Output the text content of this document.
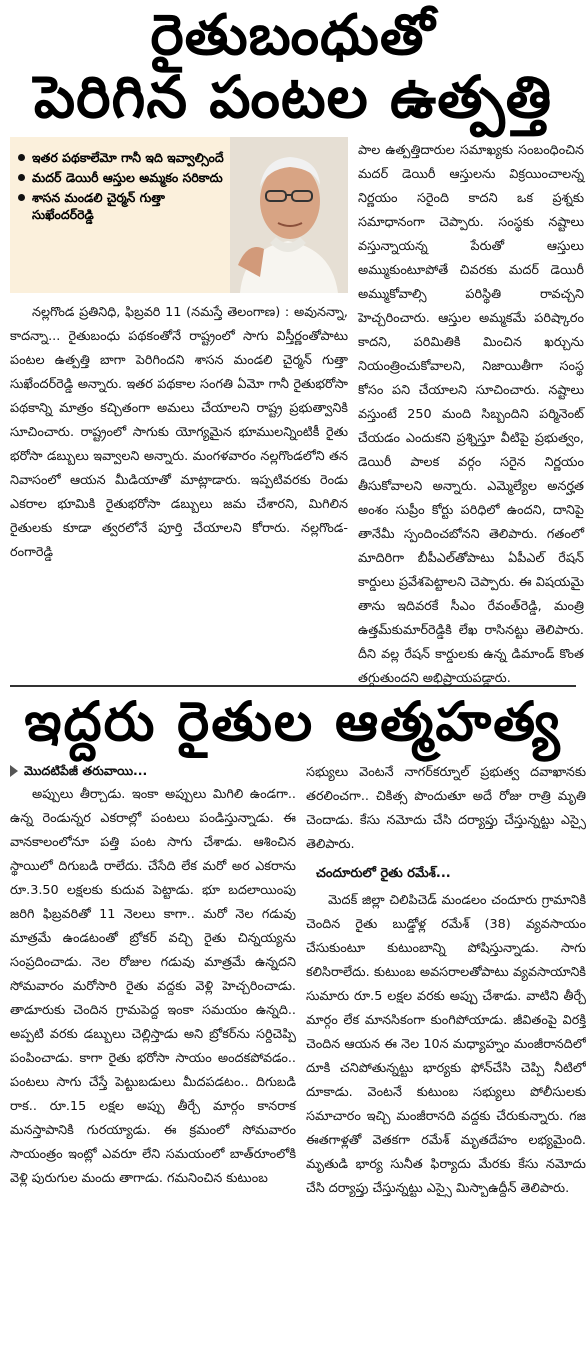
రైతుబంధుతో
పెరిగిన పంటల ఉత్పత్తి
ఇతర పథకాలేమో గానీ ఇది ఇవ్వాల్సిందే
మదర్‌ డెయిరీ ఆస్తుల అమ్మకం సరికాదు
శాసన మండలి చైర్మన్‌ గుత్తా సుఖేందర్‌రెడ్డి

నల్లగొండ ప్రతినిధి, ఫిబ్రవరి 11 (నమస్తే తెలంగాణ) : అవునన్నా, కాదన్నా... రైతుబంధు పథకంతోనే రాష్ట్రంలో సాగు విస్తీర్ణంతోపాటు పంటల ఉత్పత్తి బాగా పెరిగిందని శాసన మండలి చైర్మన్‌ గుత్తా సుఖేందర్‌రెడ్డి అన్నారు. ఇతర పథకాల సంగతి ఏమో గానీ రైతుభరోసా పథకాన్ని మాత్రం కచ్చితంగా అమలు చేయాలని రాష్ట్ర ప్రభుత్వానికి సూచించారు. రాష్ట్రంలో సాగుకు యోగ్యమైన భూములన్నింటికీ రైతు భరోసా డబ్బులు ఇవ్వాలని అన్నారు. మంగళవారం నల్లగొండలోని తన నివాసంలో ఆయన మీడియాతో మాట్లాడారు. ఇప్పటివరకు రెండు ఎకరాల భూమికి రైతుభరోసా డబ్బులు జమ చేశారని, మిగిలిన రైతులకు కూడా త్వరలోనే పూర్తి చేయాలని కోరారు. నల్లగొండ-రంగారెడ్డి

పాల ఉత్పత్తిదారుల సమాఖ్యకు సంబంధించిన మదర్‌ డెయిరీ ఆస్తులను విక్రయించాలన్న నిర్ణయం సరైంది కాదని ఒక ప్రశ్నకు సమాధానంగా చెప్పారు. సంస్థకు నష్టాలు వస్తున్నాయన్న పేరుతో ఆస్తులు అమ్ముకుంటూపోతే చివరకు మదర్‌ డెయిరీ అమ్ముకోవాల్సి పరిస్థితి రావచ్చని హెచ్చరించారు. ఆస్తుల అమ్మకమే పరిష్కారం కాదని, పరిమితికి మించిన ఖర్చును నియంత్రించుకోవాలని, నిజాయితీగా సంస్థ కోసం పని చేయాలని సూచించారు. నష్టాలు వస్తుంటే 250 మంది సిబ్బందిని పర్మినెంట్‌ చేయడం ఎందుకని ప్రశ్నిస్తూ వీటిపై ప్రభుత్వం, డెయిరీ పాలక వర్గం సరైన నిర్ణయం తీసుకోవాలని అన్నారు. ఎమ్మెల్యేల అనర్హత అంశం సుప్రీం కోర్టు పరిధిలో ఉందని, దానిపై తానేమీ స్పందించబోనని తెలిపారు. గతంలో మాదిరిగా బీపీఎల్‌తోపాటు ఏపీఎల్‌ రేషన్‌ కార్డులు ప్రవేశపెట్టాలని చెప్పారు. ఈ విషయమై తాను ఇదివరకే సీఎం రేవంత్‌రెడ్డి, మంత్రి ఉత్తమ్‌కుమార్‌రెడ్డికి లేఖ రాసినట్టు తెలిపారు. దీని వల్ల రేషన్‌ కార్డులకు ఉన్న డిమాండ్‌ కొంత తగ్గుతుందని అభిప్రాయపడ్డారు.

ఇద్దరు రైతుల ఆత్మహత్య
మొదటిపేజీ తరువాయి...

అప్పులు తీర్చాడు. ఇంకా అప్పులు మిగిలి ఉండగా.. ఉన్న రెండున్నర ఎకరాల్లో పంటలు పండిస్తున్నాడు. ఈ వానకాలంలోనూ పత్తి పంట సాగు చేశాడు. ఆశించిన స్థాయిలో దిగుబడి రాలేదు. చేసేది లేక మరో అర ఎకరాను రూ.3.50 లక్షలకు కుదువ పెట్టాడు. భూ బదలాయింపు జరిగి ఫిబ్రవరితో 11 నెలలు కాగా.. మరో నెల గడువు మాత్రమే ఉండటంతో బ్రోకర్‌ వచ్చి రైతు చిన్నయ్యను సంప్రదించాడు. నెల రోజుల గడువు మాత్రమే ఉన్నదని సోమవారం మరోసారి రైతు వద్దకు వెళ్లి హెచ్చరించాడు. తాడూరుకు చెందిన గ్రామపెద్ద ఇంకా సమయం ఉన్నది.. అప్పటి వరకు డబ్బులు చెల్లిస్తాడు అని బ్రోకర్‌ను సర్దిచెప్పి పంపించాడు. కాగా రైతు భరోసా సాయం అందకపోవడం.. పంటలు సాగు చేస్తే పెట్టుబడులు మీదపడటం.. దిగుబడి రాక.. రూ.15 లక్షల అప్పు తీర్చే మార్గం కానరాక మనస్తాపానికి గురయ్యాడు. ఈ క్రమంలో సోమవారం సాయంత్రం ఇంట్లో ఎవరూ లేని సమయంలో బాత్‌రూంలోకి వెళ్లి పురుగుల మందు తాగాడు. గమనించిన కుటుంబ

సభ్యులు వెంటనే నాగర్‌కర్నూల్‌ ప్రభుత్వ దవాఖానకు తరలించగా.. చికిత్స పొందుతూ అదే రోజు రాత్రి మృతి చెందాడు. కేసు నమోదు చేసి దర్యాప్తు చేస్తున్నట్టు ఎస్సై తెలిపారు.

చందూరులో రైతు రమేశ్‌...

మెదక్‌ జిల్లా చిలిపిచెడ్‌ మండలం చందూరు గ్రామానికి చెందిన రైతు బుడ్డోళ్ల రమేశ్‌ (38) వ్యవసాయం చేసుకుంటూ కుటుంబాన్ని పోషిస్తున్నాడు. సాగు కలిసిరాలేదు. కుటుంబ అవసరాలతోపాటు వ్యవసాయానికి సుమారు రూ.5 లక్షల వరకు అప్పు చేశాడు. వాటిని తీర్చే మార్గం లేక మానసికంగా కుంగిపోయాడు. జీవితంపై విరక్తి చెందిన ఆయన ఈ నెల 10న మధ్యాహ్నం మంజీరానదిలో దూకి చనిపోతున్నట్టు భార్యకు ఫోన్‌చేసి చెప్పి నీటిలో దూకాడు. వెంటనే కుటుంబ సభ్యులు పోలీసులకు సమాచారం ఇచ్చి మంజీరానది వద్దకు చేరుకున్నారు. గజ ఈతగాళ్లతో వెతకగా రమేశ్‌ మృతదేహం లభ్యమైంది. మృతుడి భార్య సునీత ఫిర్యాదు మేరకు కేసు నమోదు చేసి దర్యాప్తు చేస్తున్నట్టు ఎస్సై మిస్బాఉద్దీన్‌ తెలిపారు.
